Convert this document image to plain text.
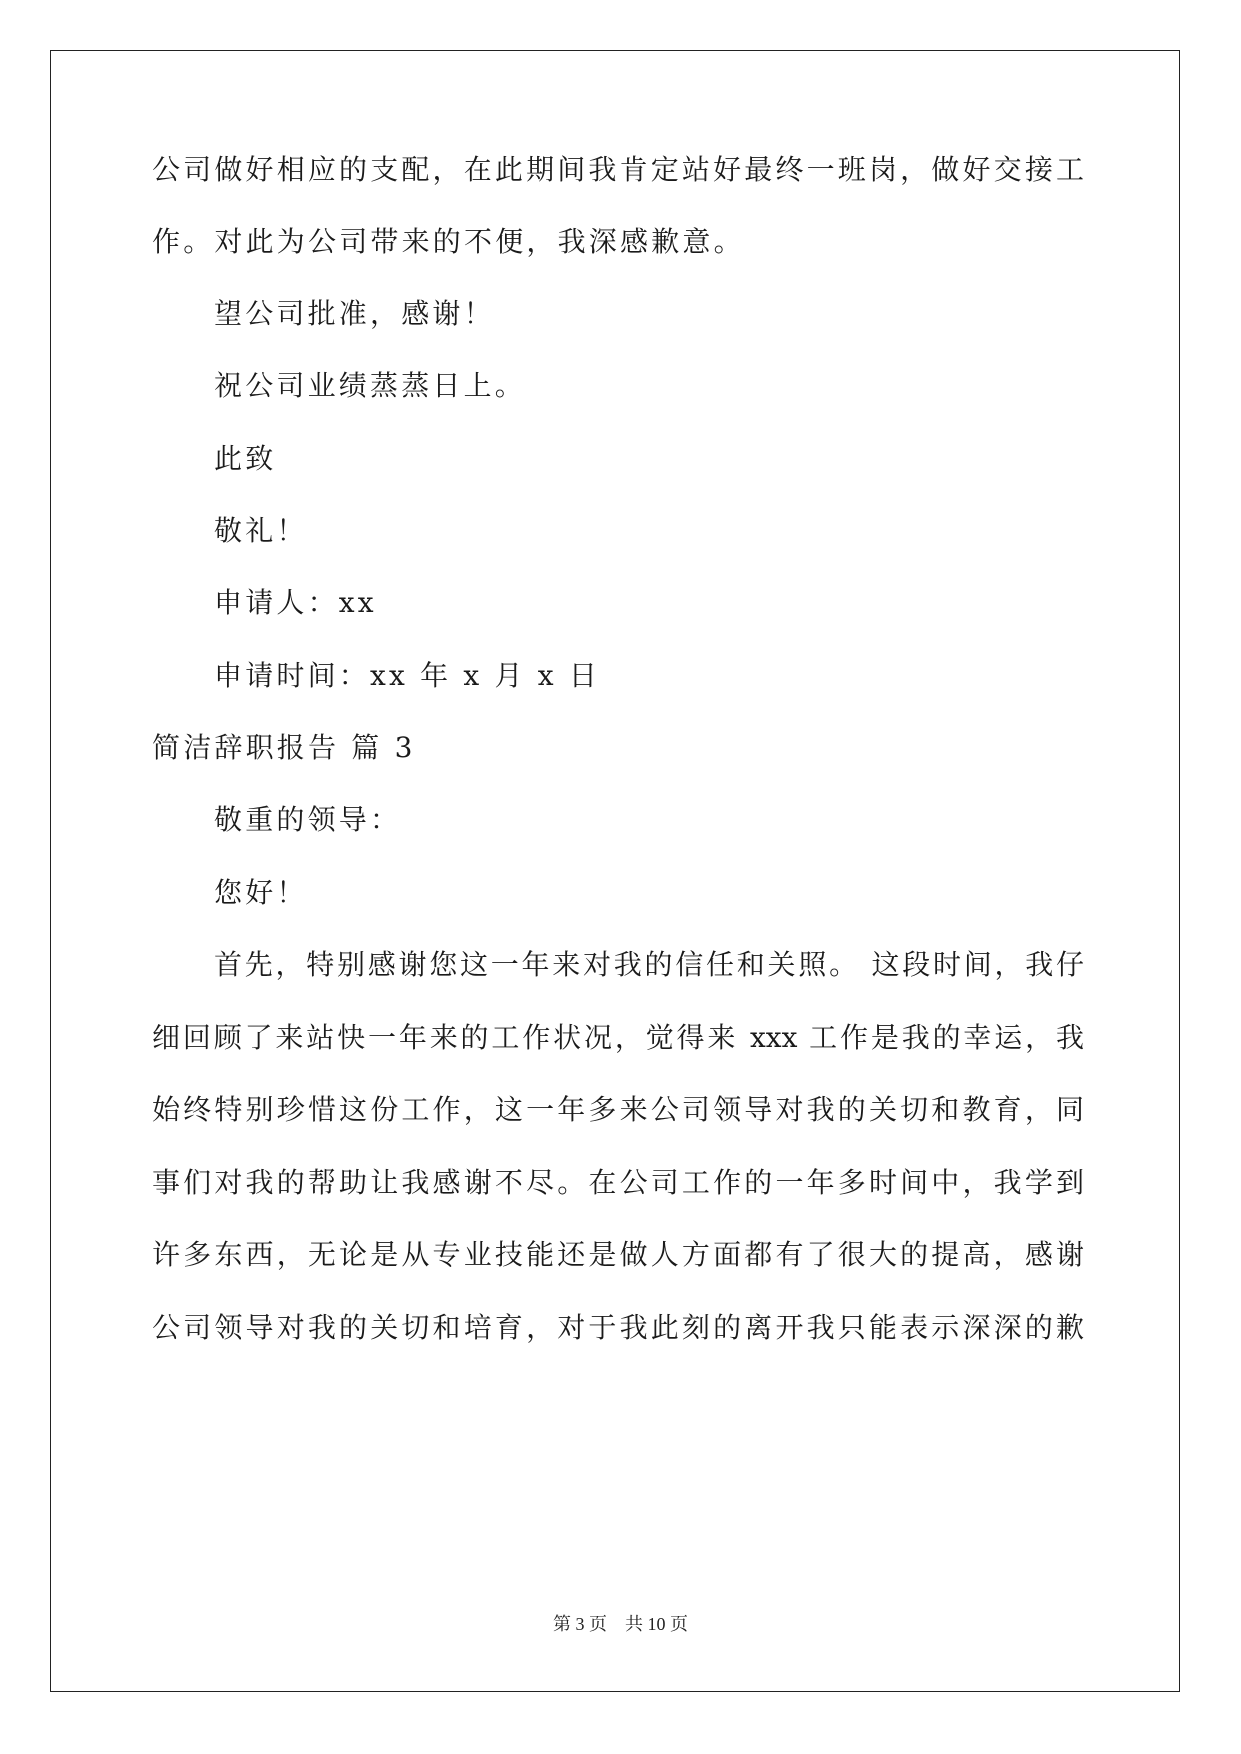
公司做好相应的支配，在此期间我肯定站好最终一班岗，做好交接工
作。对此为公司带来的不便，我深感歉意。
望公司批准，感谢！
祝公司业绩蒸蒸日上。
此致
敬礼！
申请人：xx
申请时间：xx 年 x 月 x 日
简洁辞职报告 篇 3
敬重的领导：
您好！
首先，特别感谢您这一年来对我的信任和关照。 这段时间，我仔
细回顾了来站快一年来的工作状况，觉得来 xxx 工作是我的幸运，我
始终特别珍惜这份工作，这一年多来公司领导对我的关切和教育，同
事们对我的帮助让我感谢不尽。在公司工作的一年多时间中，我学到
许多东西，无论是从专业技能还是做人方面都有了很大的提高，感谢
公司领导对我的关切和培育，对于我此刻的离开我只能表示深深的歉
第 3 页　共 10 页
